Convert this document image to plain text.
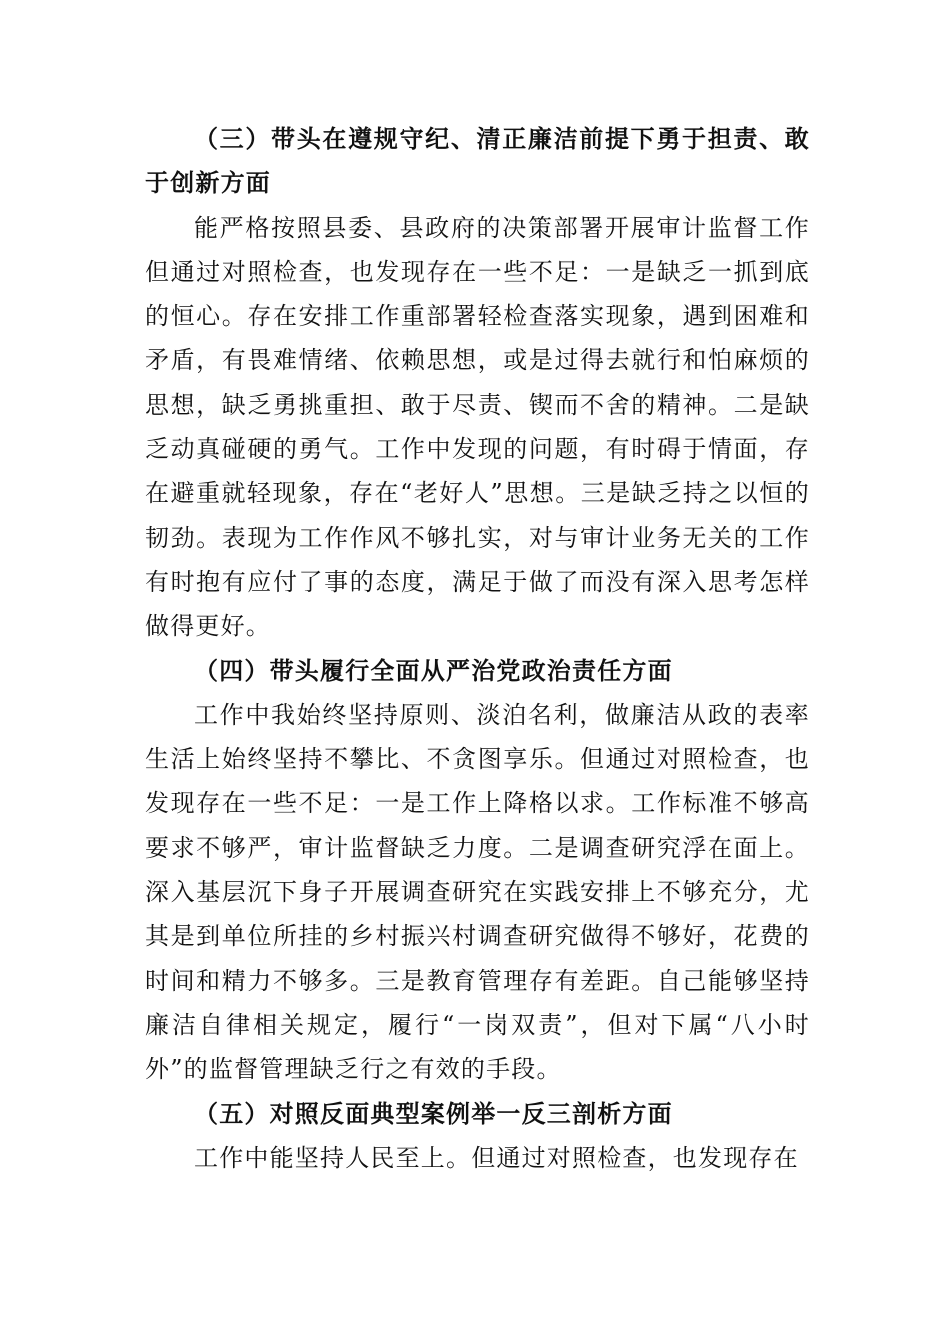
（三）带头在遵规守纪、清正廉洁前提下勇于担责、敢于创新方面

能严格按照县委、县政府的决策部署开展审计监督工作但通过对照检查，也发现存在一些不足：一是缺乏一抓到底的恒心。存在安排工作重部署轻检查落实现象，遇到困难和矛盾，有畏难情绪、依赖思想，或是过得去就行和怕麻烦的思想，缺乏勇挑重担、敢于尽责、锲而不舍的精神。二是缺乏动真碰硬的勇气。工作中发现的问题，有时碍于情面，存在避重就轻现象，存在“老好人”思想。三是缺乏持之以恒的韧劲。表现为工作作风不够扎实，对与审计业务无关的工作有时抱有应付了事的态度，满足于做了而没有深入思考怎样做得更好。

（四）带头履行全面从严治党政治责任方面

工作中我始终坚持原则、淡泊名利，做廉洁从政的表率生活上始终坚持不攀比、不贪图享乐。但通过对照检查，也发现存在一些不足：一是工作上降格以求。工作标准不够高要求不够严，审计监督缺乏力度。二是调查研究浮在面上。深入基层沉下身子开展调查研究在实践安排上不够充分，尤其是到单位所挂的乡村振兴村调查研究做得不够好，花费的时间和精力不够多。三是教育管理存有差距。自己能够坚持廉洁自律相关规定，履行“一岗双责”，但对下属“八小时外”的监督管理缺乏行之有效的手段。

（五）对照反面典型案例举一反三剖析方面

工作中能坚持人民至上。但通过对照检查，也发现存在
